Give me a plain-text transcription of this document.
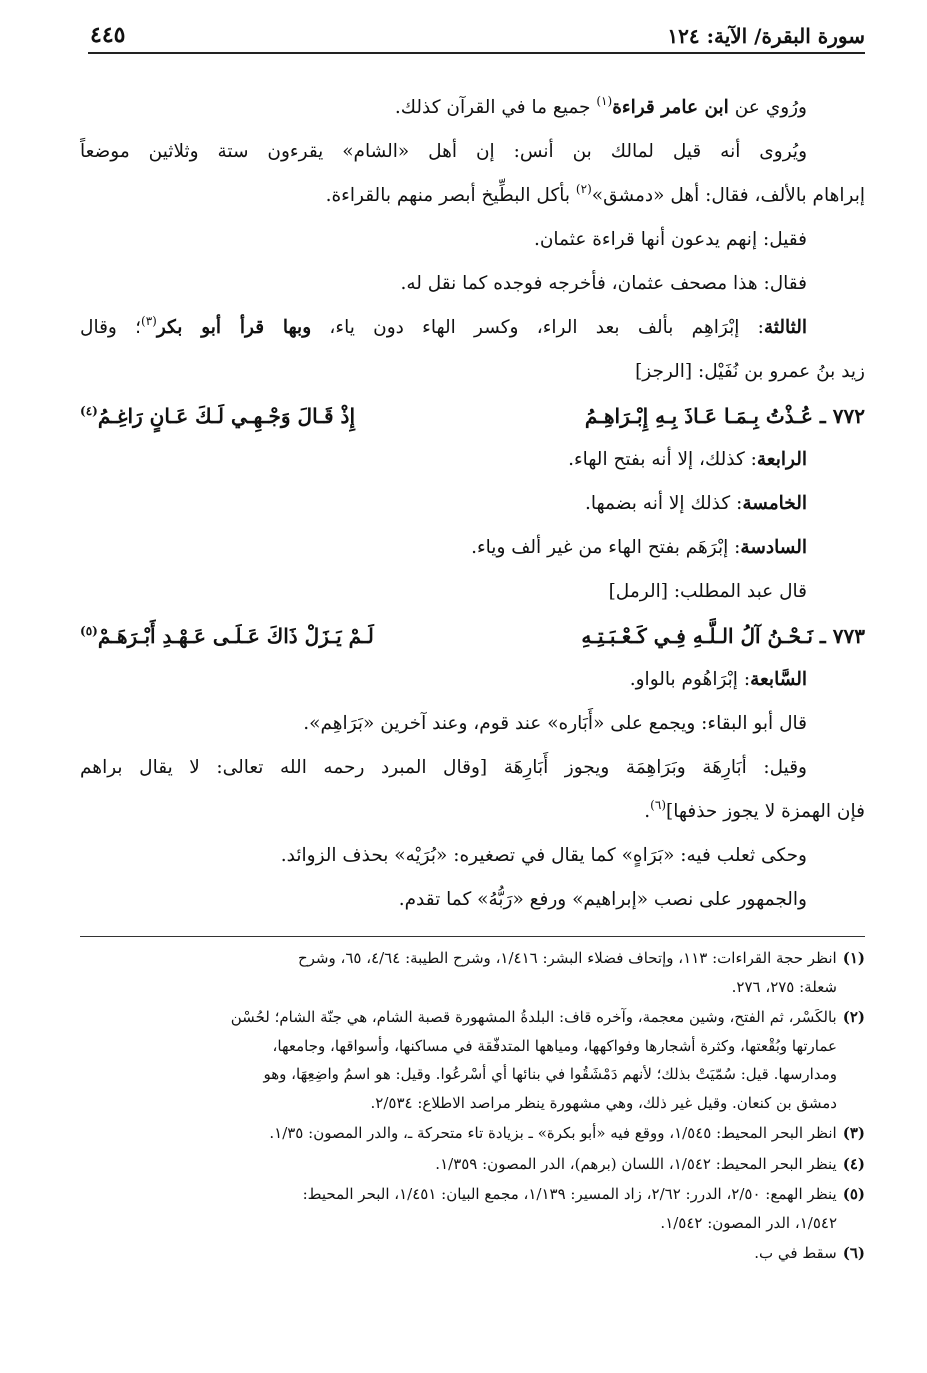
سورة البقرة/ الآية: ١٢٤
٤٤٥

ورُوي عن ابن عامر قراءة$^{(١)}$ جميع ما في القرآن كذلك.

ويُروى أنه قيل لمالك بن أنس: إن أهل «الشام» يقرءون ستة وثلاثين موضعاً

إبراهام بالألف، فقال: أهل «دمشق»$^{(٢)}$ بأكل البطِّيخ أبصر منهم بالقراءة.

فقيل: إنهم يدعون أنها قراءة عثمان.

فقال: هذا مصحف عثمان، فأخرجه فوجده كما نقل له.

الثالثة: إبْرَاهِم بألف بعد الراء، وكسر الهاء دون ياء، وبها قرأ أبو بكر$^{(٣)}$؛ وقال

زيد بنُ عمرو بن نُفَيْل: [الرجز]

٧٧٢ ـ عُـذْتُ بِـمَـا عَـاذَ بِـهِ إِبْـرَاهِـمُ
إِذْ قَـالَ وَجْـهِـي لَـكَ عَـانٍ رَاغِـمُ$^{(٤)}$

الرابعة: كذلك، إلا أنه بفتح الهاء.

الخامسة: كذلك إلا أنه بضمها.

السادسة: إبْرَهَم بفتح الهاء من غير ألف وياء.

قال عبد المطلب: [الرمل]

٧٧٣ ـ نَـحْـنُ آلُ الـلَّـهِ فِـي كَـعْـبَـتِـهِ
لَـمْ يَـزَلْ ذَاكَ عَـلَـى عَـهْـدِ أَبْـرَهَـمْ$^{(٥)}$

السَّابعة: إبْرَاهُوم بالواو.

قال أبو البقاء: ويجمع على «أَبَاره» عند قوم، وعند آخرين «بَرَاهِم».

وقيل: أبَارِهَة وبَرَاهِمَة ويجوز أَبَارِهَة [وقال المبرد رحمه الله تعالى: لا يقال براهم

فإن الهمزة لا يجوز حذفها]$^{(٦)}$.

وحكى ثعلب فيه: «بَرَاهٍ» كما يقال في تصغيره: «بُرَيْه» بحذف الزوائد.

والجمهور على نصب «إبراهيم» ورفع «رَبُّهُ» كما تقدم.

(١)انظر حجة القراءات: ١١٣، وإتحاف فضلاء البشر: ١/٤١٦، وشرح الطيبة: ٤/٦٤، ٦٥، وشرح
شعلة: ٢٧٥، ٢٧٦.
(٢)بالكَسْر، ثم الفتح، وشين معجمة، وآخره قاف: البلدةُ المشهورة قصبة الشام، هي جنّة الشام؛ لحُسْن
عمارتها وبُقْعتها، وكثرة أشجارها وفواكهها، ومياهها المتدفّقة في مساكنها، وأسواقها، وجامعها،
ومدارسها. قيل: سُمّيَتْ بذلك؛ لأنهم دَمْشَقُوا في بنائها أي أسْرعُوا. وقيل: هو اسمُ واضِعِهَا، وهو
دمشق بن كنعان. وقيل غير ذلك، وهي مشهورة ينظر مراصد الاطلاع: ٢/٥٣٤.
(٣)انظر البحر المحيط: ١/٥٤٥، ووقع فيه «أبو بكرة» ـ بزيادة تاء متحركة ـ، والدر المصون: ١/٣٥.
(٤)ينظر البحر المحيط: ١/٥٤٢، اللسان (برهم)، الدر المصون: ١/٣٥٩.
(٥)ينظر الهمع: ٢/٥٠، الدرر: ٢/٦٢، زاد المسير: ١/١٣٩، مجمع البيان: ١/٤٥١، البحر المحيط:
١/٥٤٢، الدر المصون: ١/٥٤٢.
(٦)سقط في ب.
